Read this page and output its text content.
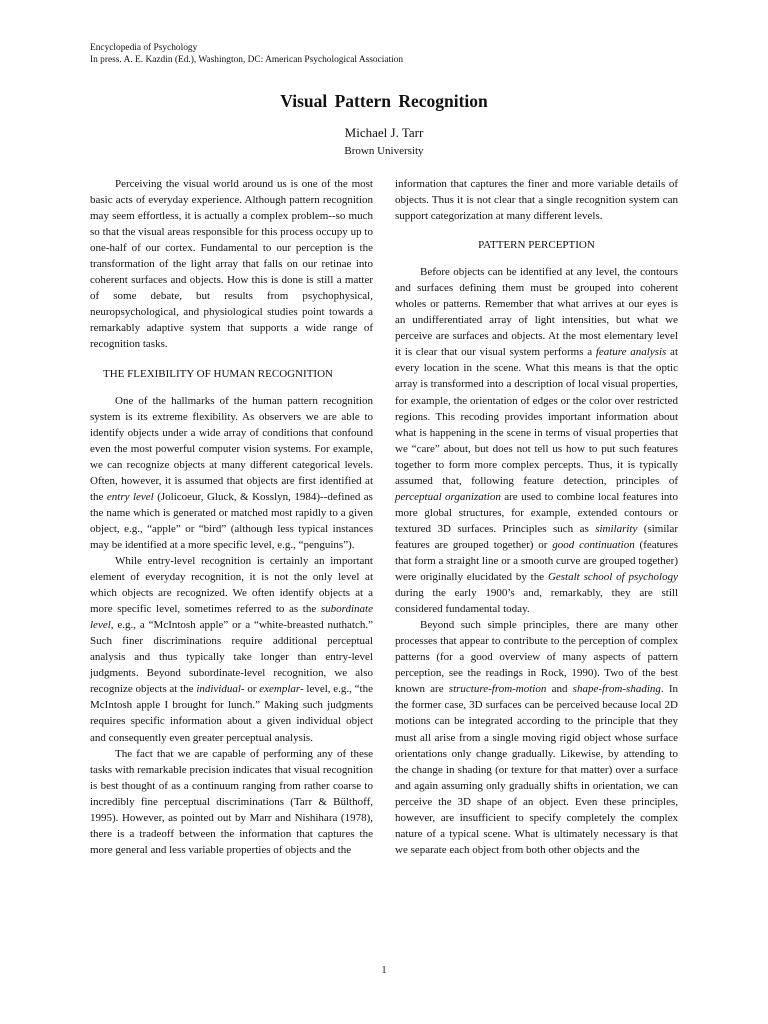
Encyclopedia of Psychology
In press. A. E. Kazdin (Ed.), Washington, DC: American Psychological Association
Visual Pattern Recognition
Michael J. Tarr
Brown University

Perceiving the visual world around us is one of the most basic acts of everyday experience. Although pattern recognition may seem effortless, it is actually a complex problem--so much so that the visual areas responsible for this process occupy up to one-half of our cortex. Fundamental to our perception is the transformation of the light array that falls on our retinae into coherent surfaces and objects. How this is done is still a matter of some debate, but results from psychophysical, neuropsychological, and physiological studies point towards a remarkably adaptive system that supports a wide range of recognition tasks.

THE FLEXIBILITY OF HUMAN RECOGNITION

One of the hallmarks of the human pattern recognition system is its extreme flexibility. As observers we are able to identify objects under a wide array of conditions that confound even the most powerful computer vision systems. For example, we can recognize objects at many different categorical levels. Often, however, it is assumed that objects are first identified at the entry level (Jolicoeur, Gluck, & Kosslyn, 1984)--defined as the name which is generated or matched most rapidly to a given object, e.g., “apple” or “bird” (although less typical instances may be identified at a more specific level, e.g., “penguins”).

While entry-level recognition is certainly an important element of everyday recognition, it is not the only level at which objects are recognized. We often identify objects at a more specific level, sometimes referred to as the subordinate level, e.g., a “McIntosh apple” or a “white-breasted nuthatch.” Such finer discriminations require additional perceptual analysis and thus typically take longer than entry-level judgments. Beyond subordinate-level recognition, we also recognize objects at the individual- or exemplar- level, e.g., “the McIntosh apple I brought for lunch.” Making such judgments requires specific information about a given individual object and consequently even greater perceptual analysis.

The fact that we are capable of performing any of these tasks with remarkable precision indicates that visual recognition is best thought of as a continuum ranging from rather coarse to incredibly fine perceptual discriminations (Tarr & Bülthoff, 1995). However, as pointed out by Marr and Nishihara (1978), there is a tradeoff between the information that captures the more general and less variable properties of objects and the

information that captures the finer and more variable details of objects. Thus it is not clear that a single recognition system can support categorization at many different levels.

PATTERN PERCEPTION

Before objects can be identified at any level, the contours and surfaces defining them must be grouped into coherent wholes or patterns. Remember that what arrives at our eyes is an undifferentiated array of light intensities, but what we perceive are surfaces and objects. At the most elementary level it is clear that our visual system performs a feature analysis at every location in the scene. What this means is that the optic array is transformed into a description of local visual properties, for example, the orientation of edges or the color over restricted regions. This recoding provides important information about what is happening in the scene in terms of visual properties that we “care” about, but does not tell us how to put such features together to form more complex percepts. Thus, it is typically assumed that, following feature detection, principles of perceptual organization are used to combine local features into more global structures, for example, extended contours or textured 3D surfaces. Principles such as similarity (similar features are grouped together) or good continuation (features that form a straight line or a smooth curve are grouped together) were originally elucidated by the Gestalt school of psychology during the early 1900’s and, remarkably, they are still considered fundamental today.

Beyond such simple principles, there are many other processes that appear to contribute to the perception of complex patterns (for a good overview of many aspects of pattern perception, see the readings in Rock, 1990). Two of the best known are structure-from-motion and shape-from-shading. In the former case, 3D surfaces can be perceived because local 2D motions can be integrated according to the principle that they must all arise from a single moving rigid object whose surface orientations only change gradually. Likewise, by attending to the change in shading (or texture for that matter) over a surface and again assuming only gradually shifts in orientation, we can perceive the 3D shape of an object. Even these principles, however, are insufficient to specify completely the complex nature of a typical scene. What is ultimately necessary is that we separate each object from both other objects and the

1
